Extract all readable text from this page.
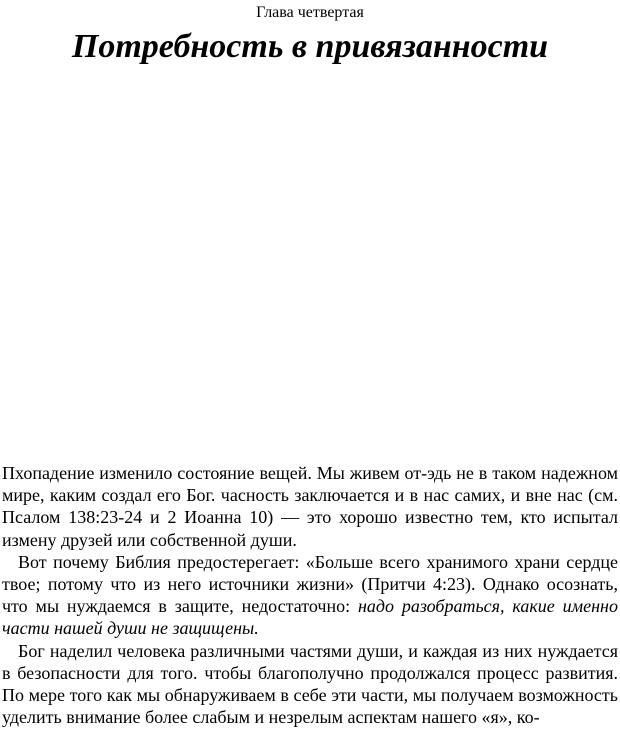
Глава четвертая
Потребность в привязанности

Пхопадение изменило состояние вещей. Мы живем от-эдь не в таком надежном мире, каким создал его Бог. часность заключается и в нас самих, и вне нас (см. Псалом 138:23-24 и 2 Иоанна 10) — это хорошо известно тем, кто испытал измену друзей или собственной души.

Вот почему Библия предостерегает: «Больше всего хранимого храни сердце твое; потому что из него источники жизни» (Притчи 4:23). Однако осознать, что мы нуждаемся в защите, недостаточно: надо разобраться, какие именно части нашей души не защищены.

Бог наделил человека различными частями души, и каждая из них нуждается в безопасности для того. чтобы благополучно продолжался процесс развития. По мере того как мы обнаруживаем в себе эти части, мы получаем возможность уделить внимание более слабым и незрелым аспектам нашего «я», ко-
